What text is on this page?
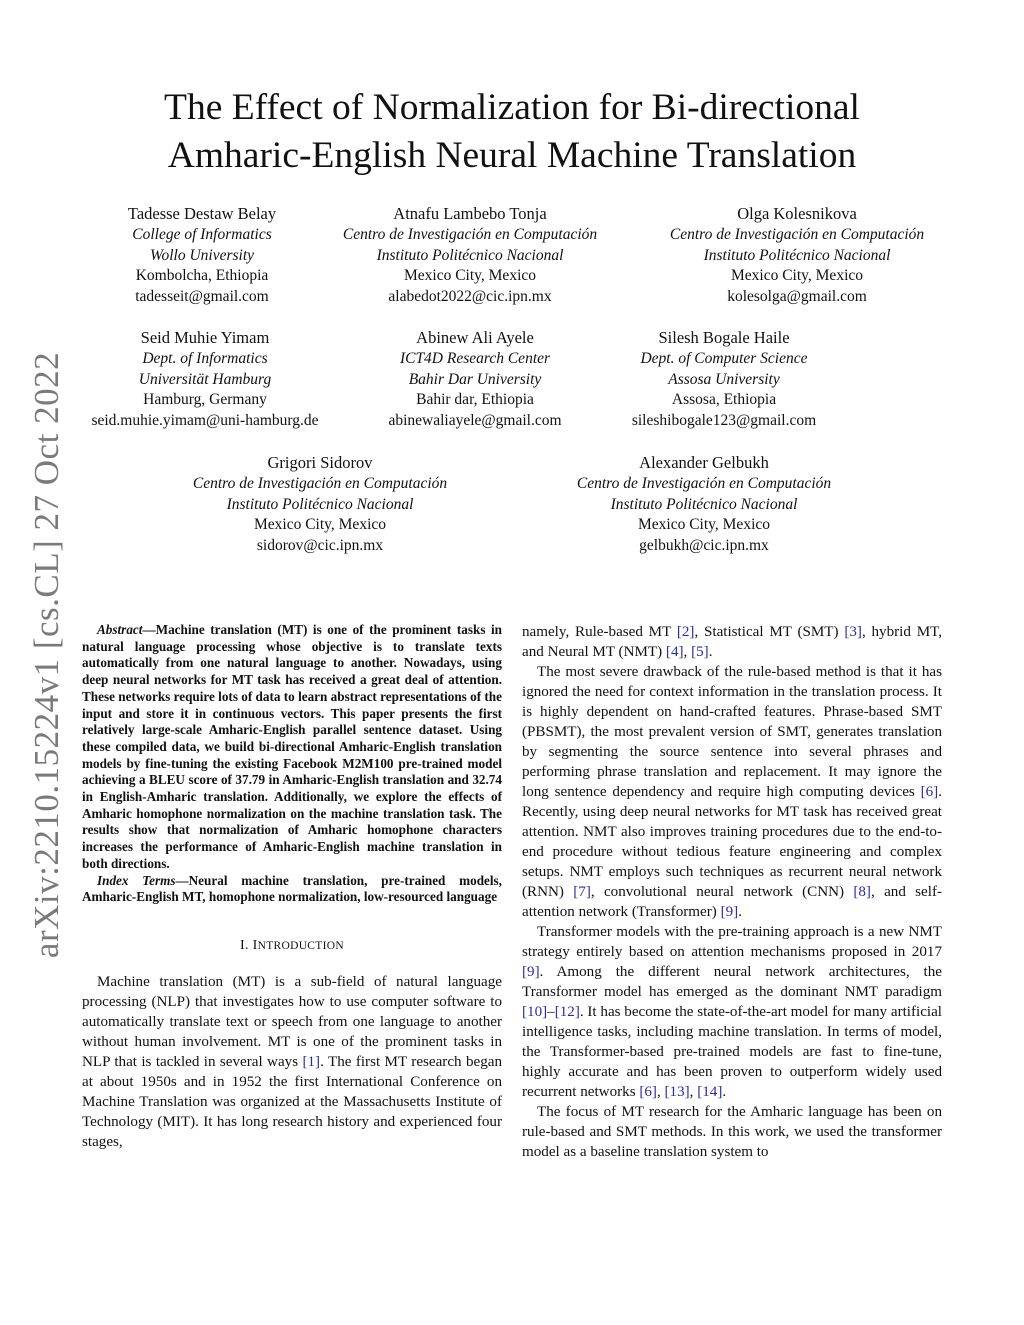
arXiv:2210.15224v1 [cs.CL] 27 Oct 2022
The Effect of Normalization for Bi-directional
Amharic-English Neural Machine Translation
Tadesse Destaw Belay
College of Informatics
Wollo University
Kombolcha, Ethiopia
tadesseit@gmail.com
Atnafu Lambebo Tonja
Centro de Investigación en Computación
Instituto Politécnico Nacional
Mexico City, Mexico
alabedot2022@cic.ipn.mx
Olga Kolesnikova
Centro de Investigación en Computación
Instituto Politécnico Nacional
Mexico City, Mexico
kolesolga@gmail.com
Seid Muhie Yimam
Dept. of Informatics
Universität Hamburg
Hamburg, Germany
seid.muhie.yimam@uni-hamburg.de
Abinew Ali Ayele
ICT4D Research Center
Bahir Dar University
Bahir dar, Ethiopia
abinewaliayele@gmail.com
Silesh Bogale Haile
Dept. of Computer Science
Assosa University
Assosa, Ethiopia
sileshibogale123@gmail.com
Grigori Sidorov
Centro de Investigación en Computación
Instituto Politécnico Nacional
Mexico City, Mexico
sidorov@cic.ipn.mx
Alexander Gelbukh
Centro de Investigación en Computación
Instituto Politécnico Nacional
Mexico City, Mexico
gelbukh@cic.ipn.mx

Abstract—Machine translation (MT) is one of the prominent tasks in natural language processing whose objective is to translate texts automatically from one natural language to another. Nowadays, using deep neural networks for MT task has received a great deal of attention. These networks require lots of data to learn abstract representations of the input and store it in continuous vectors. This paper presents the first relatively large-scale Amharic-English parallel sentence dataset. Using these compiled data, we build bi-directional Amharic-English translation models by fine-tuning the existing Facebook M2M100 pre-trained model achieving a BLEU score of 37.79 in Amharic-English translation and 32.74 in English-Amharic translation. Additionally, we explore the effects of Amharic homophone normalization on the machine translation task. The results show that normalization of Amharic homophone characters increases the performance of Amharic-English machine translation in both directions.

Index Terms—Neural machine translation, pre-trained models, Amharic-English MT, homophone normalization, low-resourced language

I. INTRODUCTION

Machine translation (MT) is a sub-field of natural language processing (NLP) that investigates how to use computer software to automatically translate text or speech from one language to another without human involvement. MT is one of the prominent tasks in NLP that is tackled in several ways [1]. The first MT research began at about 1950s and in 1952 the first International Conference on Machine Translation was organized at the Massachusetts Institute of Technology (MIT). It has long research history and experienced four stages,

namely, Rule-based MT [2], Statistical MT (SMT) [3], hybrid MT, and Neural MT (NMT) [4], [5].

The most severe drawback of the rule-based method is that it has ignored the need for context information in the translation process. It is highly dependent on hand-crafted features. Phrase-based SMT (PBSMT), the most prevalent version of SMT, generates translation by segmenting the source sentence into several phrases and performing phrase translation and replacement. It may ignore the long sentence dependency and require high computing devices [6]. Recently, using deep neural networks for MT task has received great attention. NMT also improves training procedures due to the end-to-end procedure without tedious feature engineering and complex setups. NMT employs such techniques as recurrent neural network (RNN) [7], convolutional neural network (CNN) [8], and self-attention network (Transformer) [9].

Transformer models with the pre-training approach is a new NMT strategy entirely based on attention mechanisms proposed in 2017 [9]. Among the different neural network architectures, the Transformer model has emerged as the dominant NMT paradigm [10]–[12]. It has become the state-of-the-art model for many artificial intelligence tasks, including machine translation. In terms of model, the Transformer-based pre-trained models are fast to fine-tune, highly accurate and has been proven to outperform widely used recurrent networks [6], [13], [14].

The focus of MT research for the Amharic language has been on rule-based and SMT methods. In this work, we used the transformer model as a baseline translation system to
